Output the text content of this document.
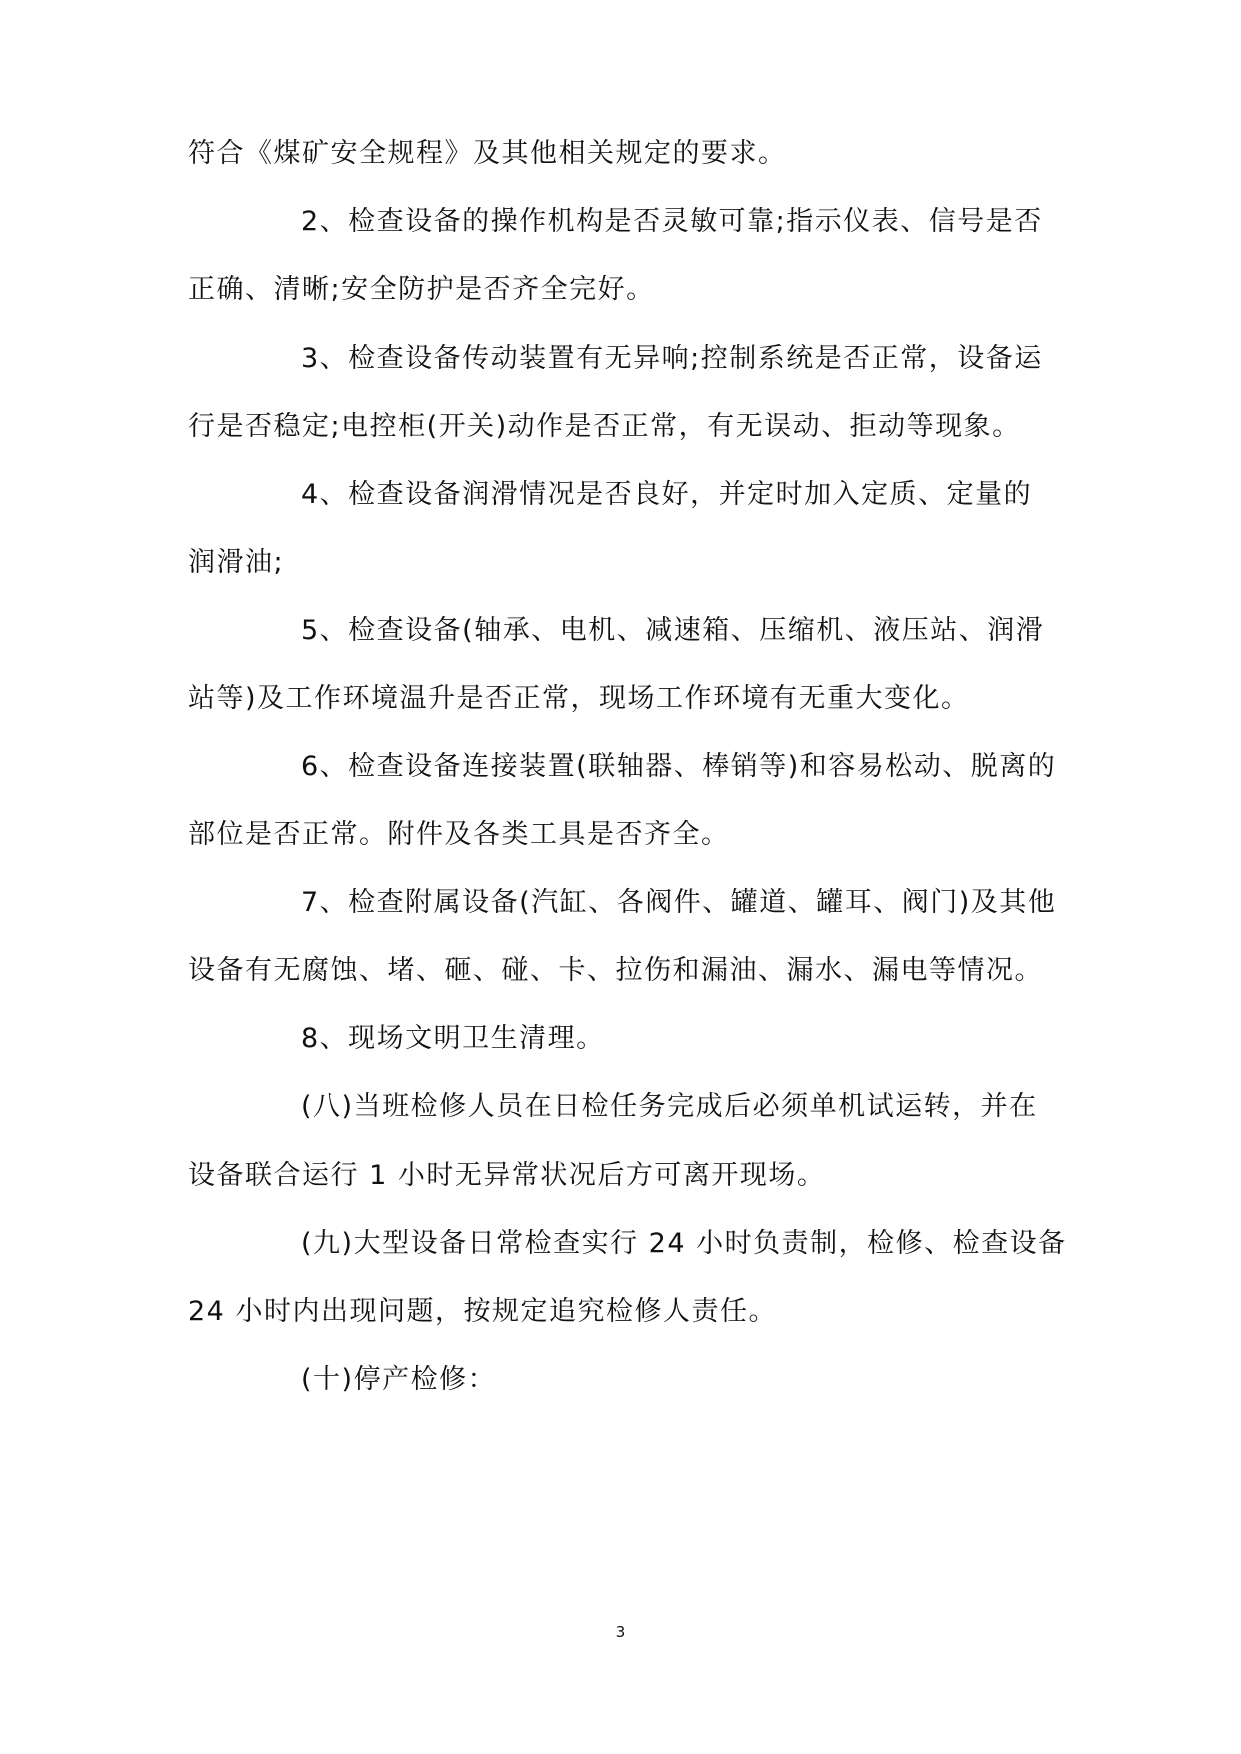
符合《煤矿安全规程》及其他相关规定的要求。
2、检查设备的操作机构是否灵敏可靠;指示仪表、信号是否
正确、清晰;安全防护是否齐全完好。
3、检查设备传动装置有无异响;控制系统是否正常，设备运
行是否稳定;电控柜(开关)动作是否正常，有无误动、拒动等现象。
4、检查设备润滑情况是否良好，并定时加入定质、定量的
润滑油;
5、检查设备(轴承、电机、减速箱、压缩机、液压站、润滑
站等)及工作环境温升是否正常，现场工作环境有无重大变化。
6、检查设备连接装置(联轴器、棒销等)和容易松动、脱离的
部位是否正常。附件及各类工具是否齐全。
7、检查附属设备(汽缸、各阀件、罐道、罐耳、阀门)及其他
设备有无腐蚀、堵、砸、碰、卡、拉伤和漏油、漏水、漏电等情况。
8、现场文明卫生清理。
(八)当班检修人员在日检任务完成后必须单机试运转，并在
设备联合运行 1 小时无异常状况后方可离开现场。
(九)大型设备日常检查实行 24 小时负责制，检修、检查设备
24 小时内出现问题，按规定追究检修人责任。
(十)停产检修：
3
